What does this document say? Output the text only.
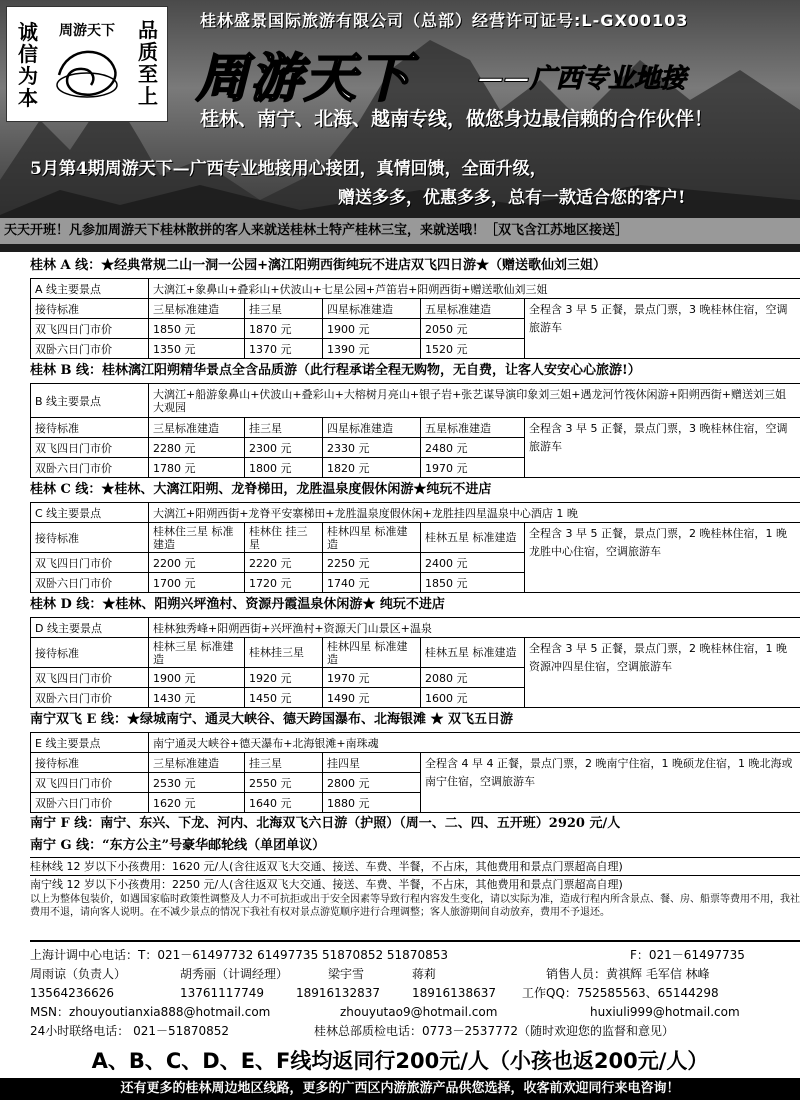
诚信为本
周游天下 品质至上
桂林盛景国际旅游有限公司（总部）经营许可证号:L-GX00103
周游天下	——广西专业地接
桂林、南宁、北海、越南专线，做您身边最信赖的合作伙伴！
5月第4期周游天下—广西专业地接用心接团，真情回馈，全面升级，
赠送多多，优惠多多，总有一款适合您的客户!
天天开班！凡参加周游天下桂林散拼的客人来就送桂林土特产桂林三宝，来就送哦！［双飞含江苏地区接送］
桂林 A 线：★经典常规二山一洞一公园+漓江阳朔西街纯玩不进店双飞四日游★（赠送歌仙刘三姐）
A 线主要景点	大漓江+象鼻山+叠彩山+伏波山+七星公园+芦笛岩+阳朔西街+赠送歌仙刘三姐				
接待标准	三星标准建造	挂三星	四星标准建造	五星标准建造	全程含 3 早 5 正餐，景点门票，3 晚桂林住宿，空调旅游车
双飞四日门市价	1850 元	1870 元	1900 元	2050 元	
双卧六日门市价	1350 元	1370 元	1390 元	1520 元	
桂林 B 线：桂林漓江阳朔精华景点全含品质游（此行程承诺全程无购物，无自费，让客人安安心心旅游!）
B 线主要景点	大漓江+船游象鼻山+伏波山+叠彩山+大榕树月亮山+银子岩+张艺谋导演印象刘三姐+遇龙河竹筏休闲游+阳朔西街+赠送刘三姐大观园				
接待标准	三星标准建造	挂三星	四星标准建造	五星标准建造	全程含 3 早 5 正餐，景点门票，3 晚桂林住宿，空调旅游车
双飞四日门市价	2280 元	2300 元	2330 元	2480 元	
双卧六日门市价	1780 元	1800 元	1820 元	1970 元	
桂林 C 线：★桂林、大漓江阳朔、龙脊梯田，龙胜温泉度假休闲游★纯玩不进店
C 线主要景点	大漓江+阳朔西街+龙脊平安寨梯田+龙胜温泉度假休闲+龙胜挂四星温泉中心酒店 1 晚				
接待标准	桂林住三星 标准建造	桂林住 挂三星	桂林四星 标准建造	桂林五星 标准建造	全程含 3 早 5 正餐，景点门票，2 晚桂林住宿，1 晚龙胜中心住宿，空调旅游车
双飞四日门市价	2200 元	2220 元	2250 元	2400 元	
双卧六日门市价	1700 元	1720 元	1740 元	1850 元	
桂林 D 线：★桂林、阳朔兴坪渔村、资源丹霞温泉休闲游★ 纯玩不进店
D 线主要景点	桂林独秀峰+阳朔西街+兴坪渔村+资源天门山景区+温泉				
接待标准	桂林三星 标准建造	桂林挂三星	桂林四星 标准建造	桂林五星 标准建造	全程含 3 早 5 正餐，景点门票，2 晚桂林住宿，1 晚资源冲四星住宿，空调旅游车
双飞四日门市价	1900 元	1920 元	1970 元	2080 元	
双卧六日门市价	1430 元	1450 元	1490 元	1600 元	
南宁双飞 E 线：★绿城南宁、通灵大峡谷、德天跨国瀑布、北海银滩 ★ 双飞五日游
E 线主要景点	南宁通灵大峡谷+德天瀑布+北海银滩+南珠魂			
接待标准	三星标准建造	挂三星	挂四星	全程含 4 早 4 正餐，景点门票，2 晚南宁住宿，1 晚硕龙住宿，1 晚北海或南宁住宿，空调旅游车
双飞四日门市价	2530 元	2550 元	2800 元	
双卧六日门市价	1620 元	1640 元	1880 元	
南宁 F 线：南宁、东兴、下龙、河内、北海双飞六日游（护照）（周一、二、四、五开班）2920 元/人
南宁 G 线：“东方公主”号豪华邮轮线（单团单议）
桂林线 12 岁以下小孩费用：1620 元/人(含往返双飞大交通、接送、车费、半餐，不占床，其他费用和景点门票超高自理)
南宁线 12 岁以下小孩费用：2250 元/人(含往返双飞大交通、接送、车费、半餐，不占床，其他费用和景点门票超高自理)
以上为整体包装价，如遇国家临时政策性调整及人力不可抗拒或出于安全因素等导致行程内容发生变化，请以实际为准，造成行程内所含景点、餐、房、船票等费用不用，我社费用不退，请向客人说明。在不减少景点的情况下我社有权对景点游览顺序进行合理调整；客人旅游期间自动放弃，费用不予退还。
上海计调中心电话：T：021－61497732 61497735 51870852 51870853	F：021－61497735
周雨谅（负责人）	胡秀丽（计调经理）	梁宇雪	蒋莉	销售人员：黄祺辉 毛军信 林峰
13564236626	13761117749	18916132837	18916138637 工作QQ：752585563、65144298
MSN：zhouyoutianxia888@hotmail.com	zhouyutao9@hotmail.com	huxiuli999@hotmail.com
24小时联络电话： 021－51870852	桂林总部质检电话：0773－2537772（随时欢迎您的监督和意见）
A、B、C、D、E、F线均返同行200元/人（小孩也返200元/人）
还有更多的桂林周边地区线路，更多的广西区内游旅游产品供您选择，收客前欢迎同行来电咨询！
